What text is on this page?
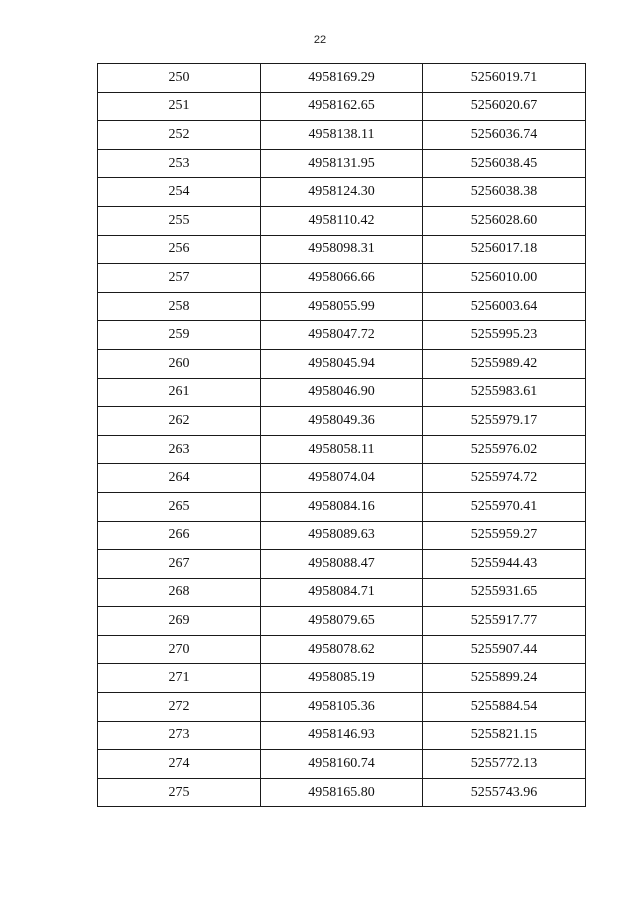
22
250	4958169.29	5256019.71
251	4958162.65	5256020.67
252	4958138.11	5256036.74
253	4958131.95	5256038.45
254	4958124.30	5256038.38
255	4958110.42	5256028.60
256	4958098.31	5256017.18
257	4958066.66	5256010.00
258	4958055.99	5256003.64
259	4958047.72	5255995.23
260	4958045.94	5255989.42
261	4958046.90	5255983.61
262	4958049.36	5255979.17
263	4958058.11	5255976.02
264	4958074.04	5255974.72
265	4958084.16	5255970.41
266	4958089.63	5255959.27
267	4958088.47	5255944.43
268	4958084.71	5255931.65
269	4958079.65	5255917.77
270	4958078.62	5255907.44
271	4958085.19	5255899.24
272	4958105.36	5255884.54
273	4958146.93	5255821.15
274	4958160.74	5255772.13
275	4958165.80	5255743.96
